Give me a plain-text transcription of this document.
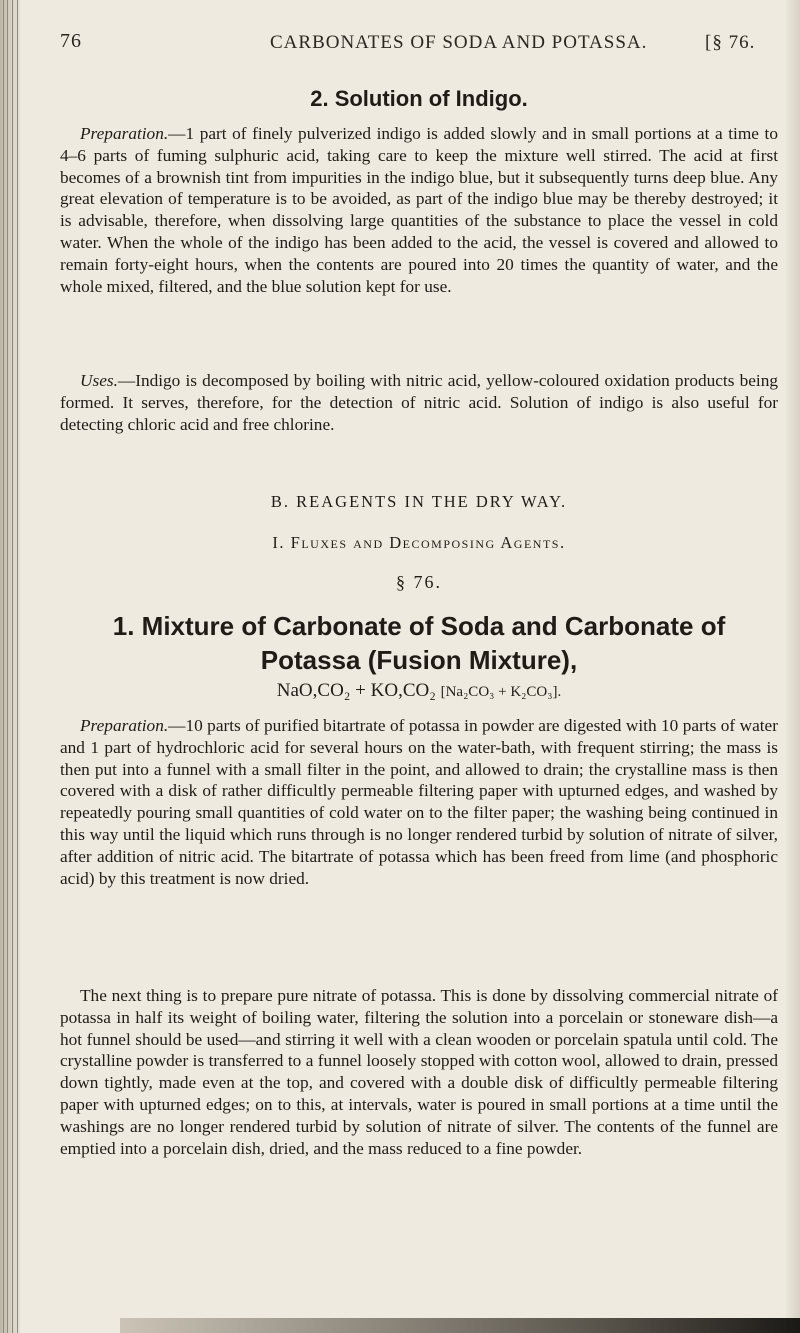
76	CARBONATES OF SODA AND POTASSA.	[§ 76.
2. Solution of Indigo.
Preparation.—1 part of finely pulverized indigo is added slowly and in small portions at a time to 4–6 parts of fuming sulphuric acid, taking care to keep the mixture well stirred. The acid at first becomes of a brownish tint from impurities in the indigo blue, but it subsequently turns deep blue. Any great elevation of temperature is to be avoided, as part of the indigo blue may be thereby destroyed; it is advisable, therefore, when dissolving large quantities of the substance to place the vessel in cold water. When the whole of the indigo has been added to the acid, the vessel is covered and allowed to remain forty-eight hours, when the contents are poured into 20 times the quantity of water, and the whole mixed, filtered, and the blue solution kept for use.
Uses.—Indigo is decomposed by boiling with nitric acid, yellow-coloured oxidation products being formed. It serves, therefore, for the detection of nitric acid. Solution of indigo is also useful for detecting chloric acid and free chlorine.
B. REAGENTS IN THE DRY WAY.
I. Fluxes and Decomposing Agents.
§ 76.
1. Mixture of Carbonate of Soda and Carbonate of
Potassa (Fusion Mixture),
NaO,CO₂ + KO,CO₂ [Na₂CO₃ + K₂CO₃].
Preparation.—10 parts of purified bitartrate of potassa in powder are digested with 10 parts of water and 1 part of hydrochloric acid for several hours on the water-bath, with frequent stirring; the mass is then put into a funnel with a small filter in the point, and allowed to drain; the crystalline mass is then covered with a disk of rather difficultly permeable filtering paper with upturned edges, and washed by repeatedly pouring small quantities of cold water on to the filter paper; the washing being continued in this way until the liquid which runs through is no longer rendered turbid by solution of nitrate of silver, after addition of nitric acid. The bitartrate of potassa which has been freed from lime (and phosphoric acid) by this treatment is now dried.
The next thing is to prepare pure nitrate of potassa. This is done by dissolving commercial nitrate of potassa in half its weight of boiling water, filtering the solution into a porcelain or stoneware dish—a hot funnel should be used—and stirring it well with a clean wooden or porcelain spatula until cold. The crystalline powder is transferred to a funnel loosely stopped with cotton wool, allowed to drain, pressed down tightly, made even at the top, and covered with a double disk of difficultly permeable filtering paper with upturned edges; on to this, at intervals, water is poured in small portions at a time until the washings are no longer rendered turbid by solution of nitrate of silver. The contents of the funnel are emptied into a porcelain dish, dried, and the mass reduced to a fine powder.
